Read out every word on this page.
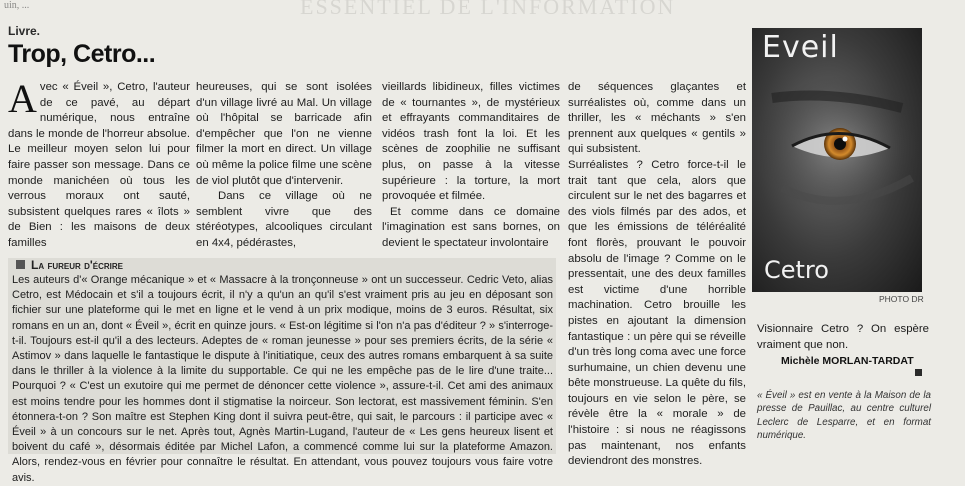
uin, ...	ESSENTIEL DE L'INFORMATION
Livre.
Trop, Cetro...
A vec « Éveil », Cetro, l'auteur de ce pavé, au départ numérique, nous entraîne dans le monde de l'horreur absolue. Le meilleur moyen selon lui pour faire passer son message. Dans ce monde manichéen où tous les verrous moraux ont sauté, subsistent quelques rares « îlots » de Bien : les maisons de deux familles

heureuses, qui se sont isolées d'un village livré au Mal. Un village où l'hôpital se barricade afin d'empêcher que l'on ne vienne filmer la mort en direct. Un village où même la police filme une scène de viol plutôt que d'intervenir.

Dans ce village où ne semblent vivre que des stéréotypes, alcooliques circulant en 4x4, pédérastes,

vieillards libidineux, filles victimes de « tournantes », de mystérieux et effrayants commanditaires de vidéos trash font la loi. Et les scènes de zoophilie ne suffisant plus, on passe à la vitesse supérieure : la torture, la mort provoquée et filmée.

Et comme dans ce domaine l'imagination est sans bornes, on devient le spectateur involontaire

de séquences glaçantes et surréalistes où, comme dans un thriller, les « méchants » s'en prennent aux quelques « gentils » qui subsistent.

Surréalistes ? Cetro force-t-il le trait tant que cela, alors que circulent sur le net des bagarres et des viols filmés par des ados, et que les émissions de téléréalité font florès, prouvant le pouvoir absolu de l'image ? Comme on le pressentait, une des deux familles est victime d'une horrible machination. Cetro brouille les pistes en ajoutant la dimension fantastique : un père qui se réveille d'un très long coma avec une force surhumaine, un chien devenu une bête monstrueuse. La quête du fils, toujours en vie selon le père, se révèle être la « morale » de l'histoire : si nous ne réagissons pas maintenant, nos enfants deviendront des monstres.

La fureur d'écrire
Les auteurs d'« Orange mécanique » et « Massacre à la tronçonneuse » ont un successeur. Cedric Veto, alias Cetro, est Médocain et s'il a toujours écrit, il n'y a qu'un an qu'il s'est vraiment pris au jeu en déposant son fichier sur une plateforme qui le met en ligne et le vend à un prix modique, moins de 3 euros. Résultat, six romans en un an, dont « Éveil », écrit en quinze jours. « Est-on légitime si l'on n'a pas d'éditeur ? » s'interroge-t-il. Toujours est-il qu'il a des lecteurs. Adeptes de « roman jeunesse » pour ses premiers écrits, de la série « Astimov » dans laquelle le fantastique le dispute à l'initiatique, ceux des autres romans embarquent à sa suite dans le thriller à la violence à la limite du supportable. Ce qui ne les empêche pas de le lire d'une traite... Pourquoi ? « C'est un exutoire qui me permet de dénoncer cette violence », assure-t-il. Cet ami des animaux est moins tendre pour les hommes dont il stigmatise la noirceur. Son lectorat, est massivement féminin. S'en étonnera-t-on ? Son maître est Stephen King dont il suivra peut-être, qui sait, le parcours : il participe avec « Éveil » à un concours sur le net. Après tout, Agnès Martin-Lugand, l'auteur de « Les gens heureux lisent et boivent du café », désormais éditée par Michel Lafon, a commencé comme lui sur la plateforme Amazon. Alors, rendez-vous en février pour connaître le résultat. En attendant, vous pouvez toujours vous faire votre avis.
Eveil
Cetro
PHOTO DR
Visionnaire Cetro ? On espère vraiment que non.
Michèle MORLAN-TARDAT
« Éveil » est en vente à la Maison de la presse de Pauillac, au centre culturel Leclerc de Lesparre, et en format numérique.
